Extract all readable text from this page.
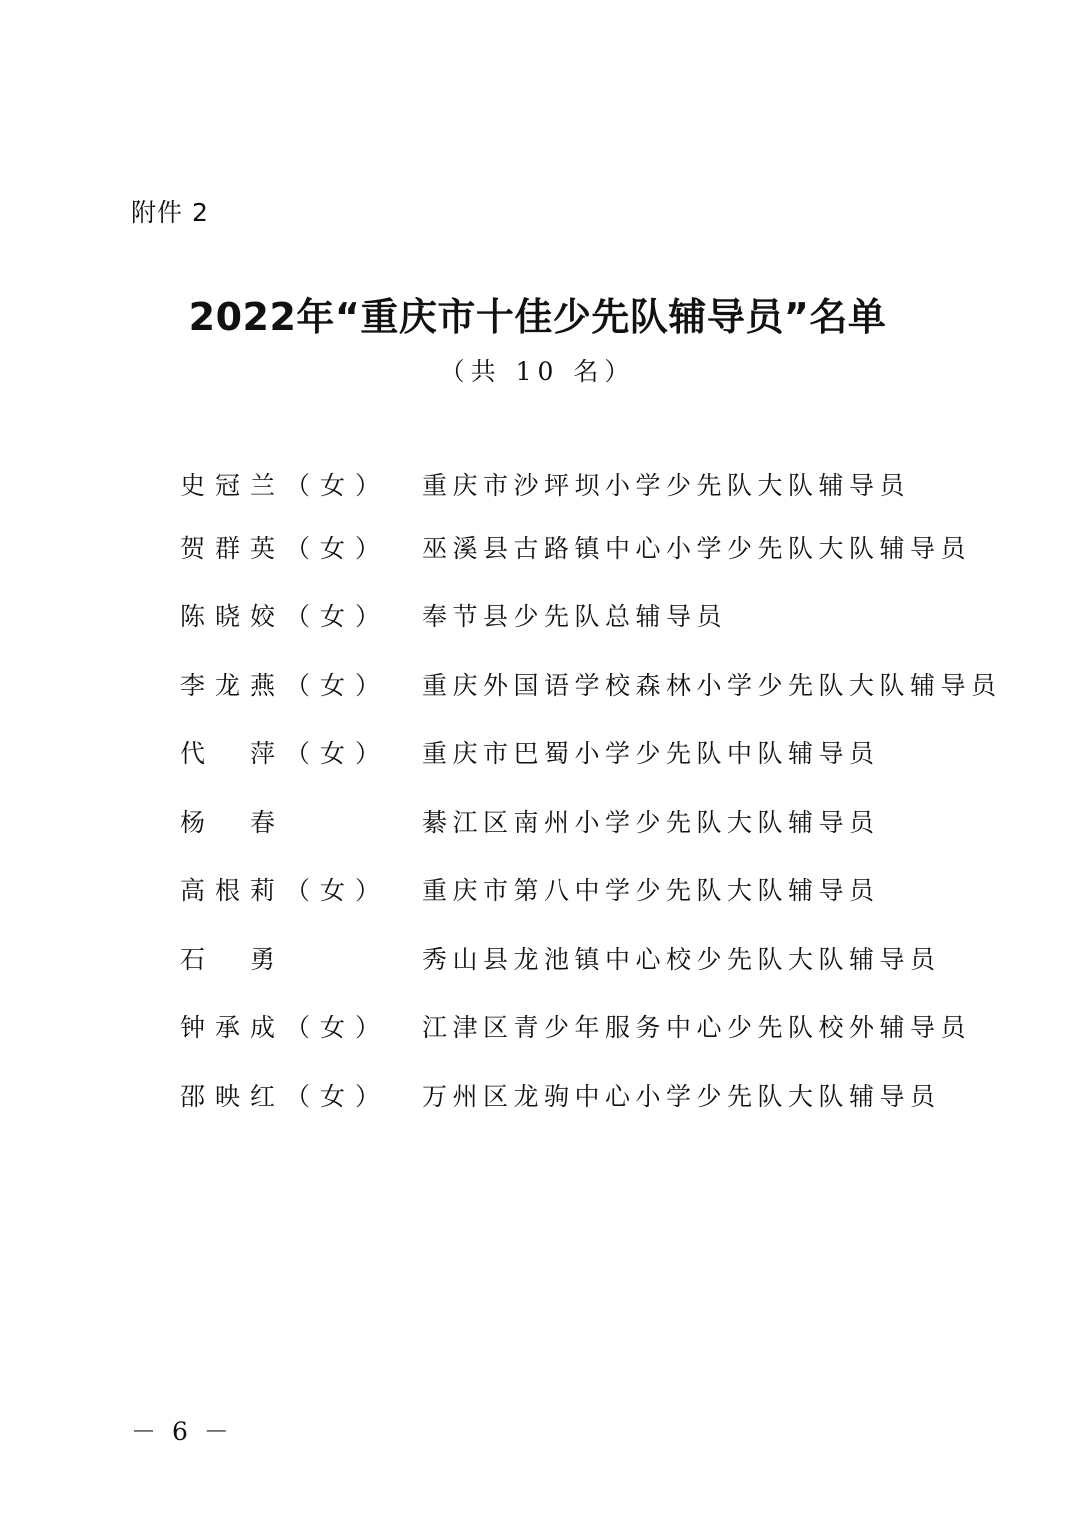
附件 2
2022年“重庆市十佳少先队辅导员”名单
（共 10 名）
史冠兰（女） 重庆市沙坪坝小学少先队大队辅导员
贺群英（女） 巫溪县古路镇中心小学少先队大队辅导员
陈晓姣（女） 奉节县少先队总辅导员
李龙燕（女） 重庆外国语学校森林小学少先队大队辅导员
代　萍（女） 重庆市巴蜀小学少先队中队辅导员
杨　春	綦江区南州小学少先队大队辅导员
高根莉（女） 重庆市第八中学少先队大队辅导员
石　勇	秀山县龙池镇中心校少先队大队辅导员
钟承成（女） 江津区青少年服务中心少先队校外辅导员
邵映红（女） 万州区龙驹中心小学少先队大队辅导员
－ 6 －
